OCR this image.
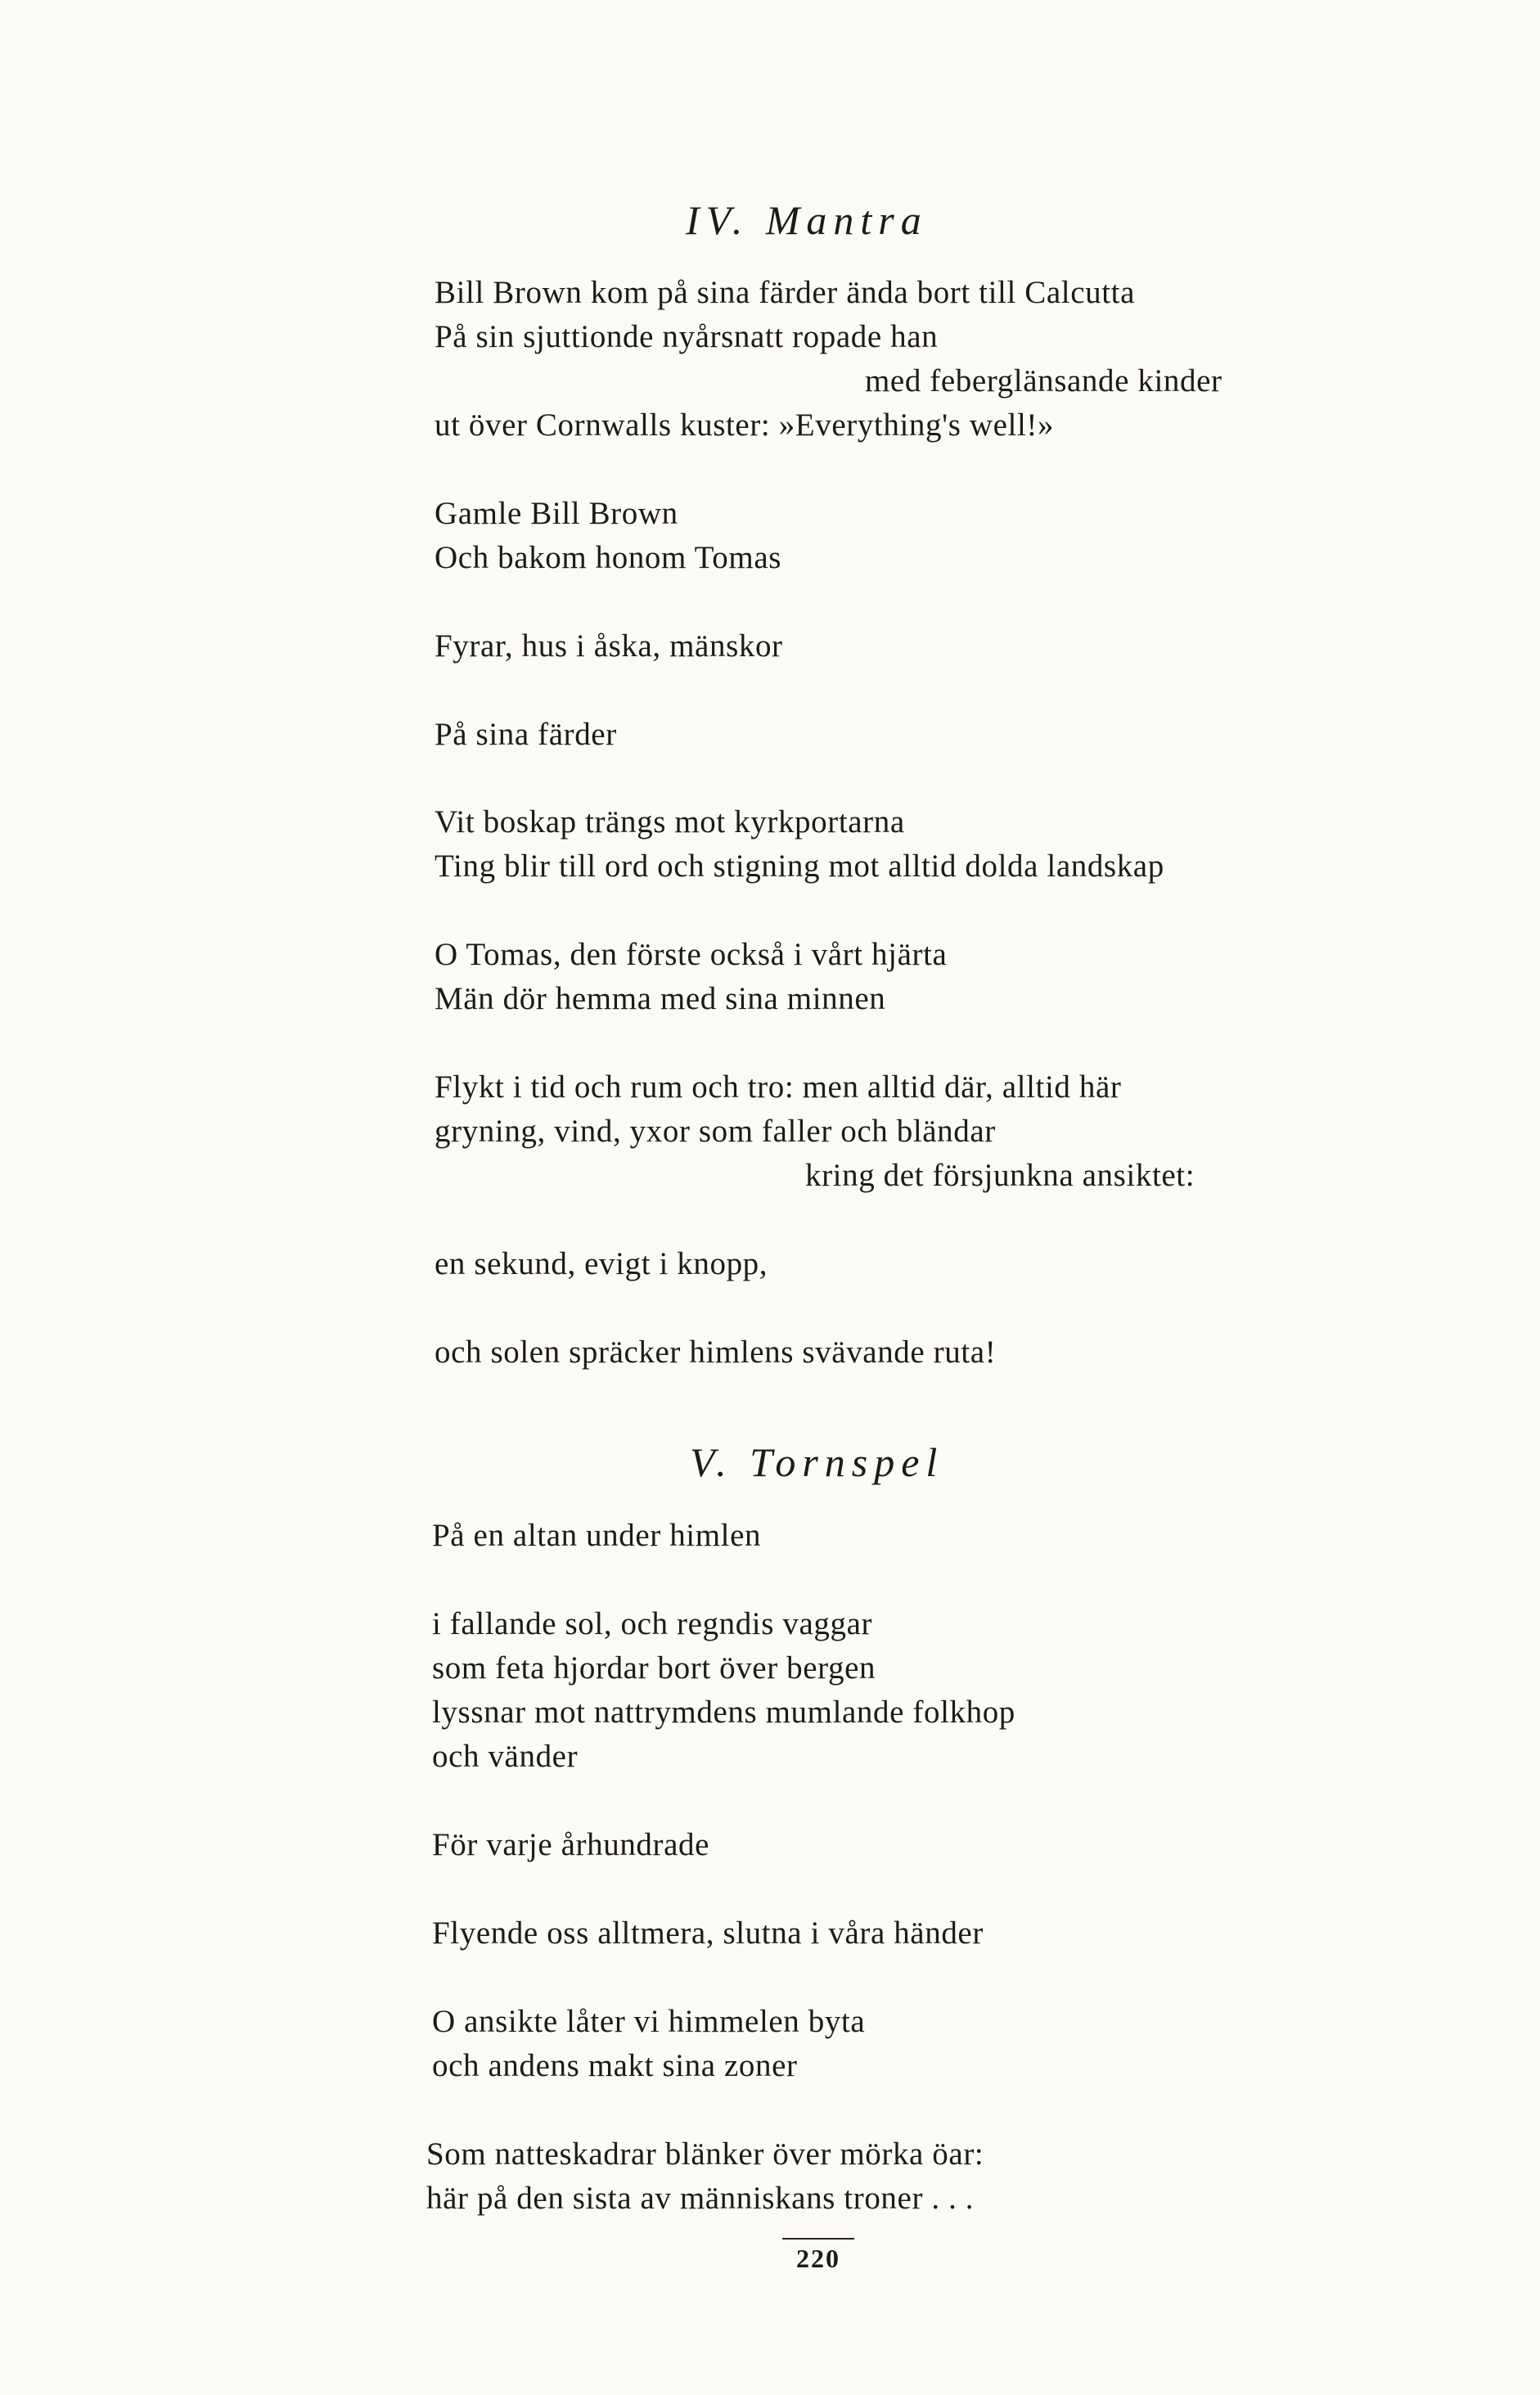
IV. Mantra
Bill Brown kom på sina färder ända bort till Calcutta
På sin sjuttionde nyårsnatt ropade han
med feberglänsande kinder
ut över Cornwalls kuster: »Everything's well!»
Gamle Bill Brown
Och bakom honom Tomas
Fyrar, hus i åska, mänskor
På sina färder
Vit boskap trängs mot kyrkportarna
Ting blir till ord och stigning mot alltid dolda landskap
O Tomas, den förste också i vårt hjärta
Män dör hemma med sina minnen
Flykt i tid och rum och tro: men alltid där, alltid här
gryning, vind, yxor som faller och bländar
kring det försjunkna ansiktet:
en sekund, evigt i knopp,
och solen spräcker himlens svävande ruta!
V. Tornspel
På en altan under himlen
i fallande sol, och regndis vaggar
som feta hjordar bort över bergen
lyssnar mot nattrymdens mumlande folkhop
och vänder
För varje århundrade
Flyende oss alltmera, slutna i våra händer
O ansikte låter vi himmelen byta
och andens makt sina zoner
Som natteskadrar blänker över mörka öar:
här på den sista av människans troner . . .
220
